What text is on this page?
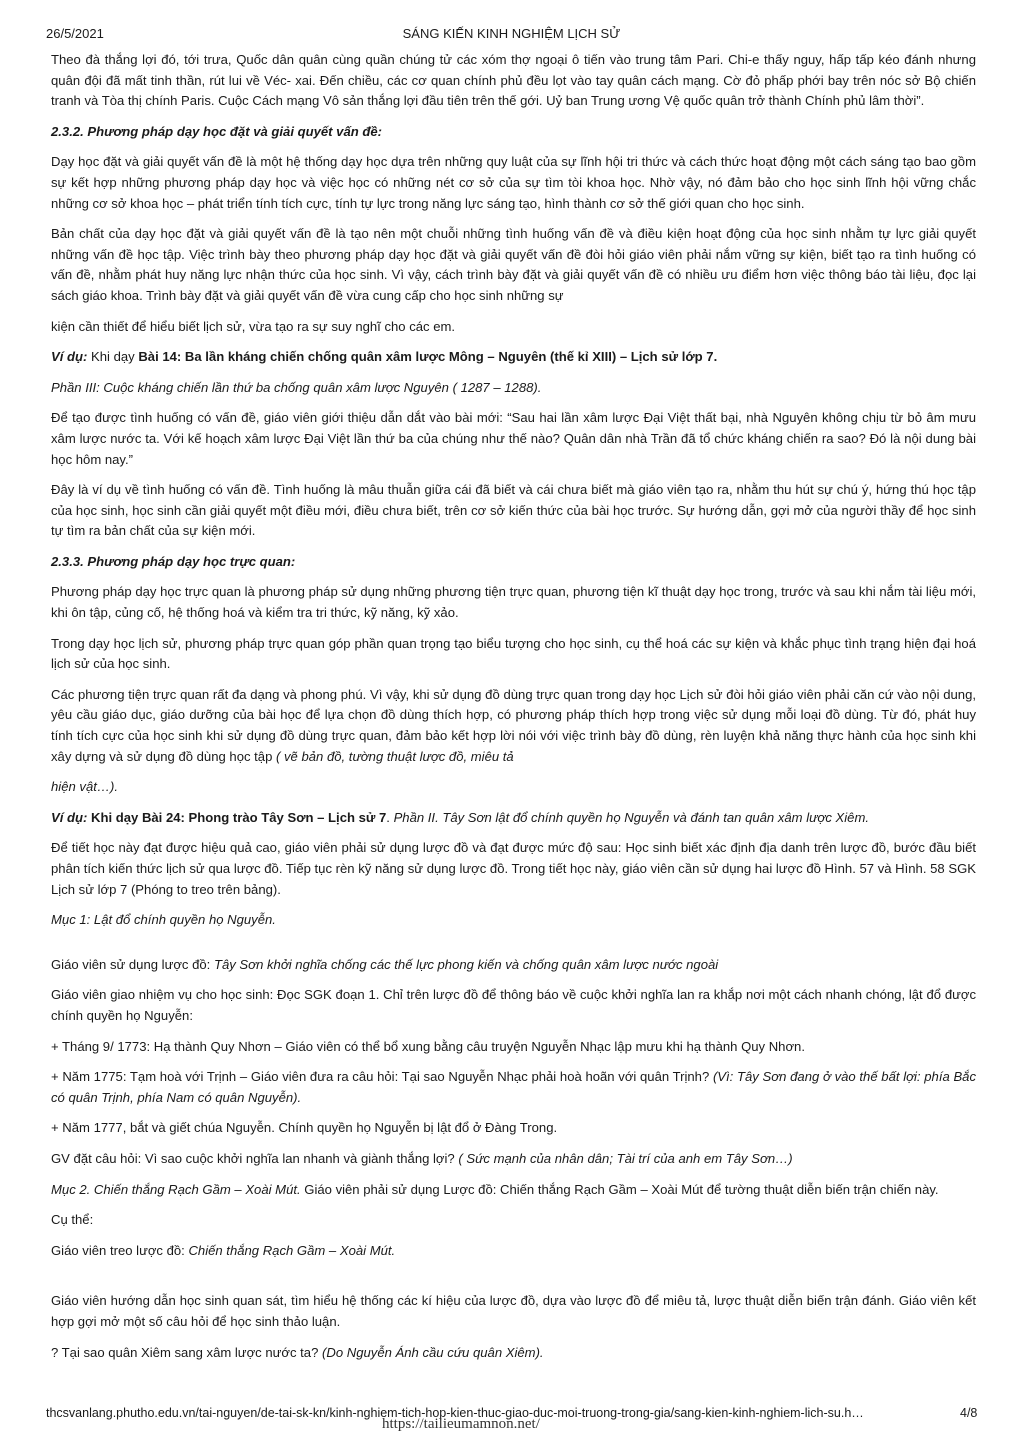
26/5/2021	SÁNG KIẾN KINH NGHIỆM LỊCH SỬ

Theo đà thắng lợi đó, tới trưa, Quốc dân quân cùng quần chúng tử các xóm thợ ngoại ô tiến vào trung tâm Pari. Chi-e thấy nguy, hấp tấp kéo đánh nhưng quân đội đã mất tinh thần, rút lui về Véc- xai. Đến chiều, các cơ quan chính phủ đều lọt vào tay quân cách mạng. Cờ đỏ phấp phới bay trên nóc sở Bộ chiến tranh và Tòa thị chính Paris. Cuộc Cách mạng Vô sản thắng lợi đầu tiên trên thế gới. Uỷ ban Trung ương Vệ quốc quân trở thành Chính phủ lâm thời”.

2.3.2. Phương pháp dạy học đặt và giải quyết vấn đề:

Dạy học đặt và giải quyết vấn đề là một hệ thống dạy học dựa trên những quy luật của sự lĩnh hội tri thức và cách thức hoạt động một cách sáng tạo bao gồm sự kết hợp những phương pháp dạy học và việc học có những nét cơ sở của sự tìm tòi khoa học. Nhờ vậy, nó đảm bảo cho học sinh lĩnh hội vững chắc những cơ sở khoa học – phát triển tính tích cực, tính tự lực trong năng lực sáng tạo, hình thành cơ sở thế giới quan cho học sinh.

Bản chất của dạy học đặt và giải quyết vấn đề là tạo nên một chuỗi những tình huống vấn đề và điều kiện hoạt động của học sinh nhằm tự lực giải quyết những vấn đề học tập. Việc trình bày theo phương pháp dạy học đặt và giải quyết vấn đề đòi hỏi giáo viên phải nắm vững sự kiện, biết tạo ra tình huống có vấn đề, nhằm phát huy năng lực nhận thức của học sinh. Vì vậy, cách trình bày đặt và giải quyết vấn đề có nhiều ưu điểm hơn việc thông báo tài liệu, đọc lại sách giáo khoa. Trình bày đặt và giải quyết vấn đề vừa cung cấp cho học sinh những sự

kiện cần thiết để hiểu biết lịch sử, vừa tạo ra sự suy nghĩ cho các em.

Ví dụ: Khi dạy Bài 14: Ba lần kháng chiến chống quân xâm lược Mông – Nguyên (thế kỉ XIII) – Lịch sử lớp 7.

Phần III: Cuộc kháng chiến lần thứ ba chống quân xâm lược Nguyên ( 1287 – 1288).

Để tạo được tình huống có vấn đề, giáo viên giới thiệu dẫn dắt vào bài mới: “Sau hai lần xâm lược Đại Việt thất bại, nhà Nguyên không chịu từ bỏ âm mưu xâm lược nước ta. Với kế hoạch xâm lược Đại Việt lần thứ ba của chúng như thế nào? Quân dân nhà Trần đã tổ chức kháng chiến ra sao? Đó là nội dung bài học hôm nay.”

Đây là ví dụ về tình huống có vấn đề. Tình huống là mâu thuẫn giữa cái đã biết và cái chưa biết mà giáo viên tạo ra, nhằm thu hút sự chú ý, hứng thú học tập của học sinh, học sinh cần giải quyết một điều mới, điều chưa biết, trên cơ sở kiến thức của bài học trước. Sự hướng dẫn, gợi mở của người thầy để học sinh tự tìm ra bản chất của sự kiện mới.

2.3.3. Phương pháp dạy học trực quan:

Phương pháp dạy học trực quan là phương pháp sử dụng những phương tiện trực quan, phương tiện kĩ thuật dạy học trong, trước và sau khi nắm tài liệu mới, khi ôn tập, củng cố, hệ thống hoá và kiểm tra tri thức, kỹ năng, kỹ xảo.

Trong dạy học lịch sử, phương pháp trực quan góp phần quan trọng tạo biểu tượng cho học sinh, cụ thể hoá các sự kiện và khắc phục tình trạng hiện đại hoá lịch sử của học sinh.

Các phương tiện trực quan rất đa dạng và phong phú. Vì vậy, khi sử dụng đồ dùng trực quan trong dạy học Lịch sử đòi hỏi giáo viên phải căn cứ vào nội dung, yêu cầu giáo dục, giáo dưỡng của bài học để lựa chọn đồ dùng thích hợp, có phương pháp thích hợp trong việc sử dụng mỗi loại đồ dùng. Từ đó, phát huy tính tích cực của học sinh khi sử dụng đồ dùng trực quan, đảm bảo kết hợp lời nói với việc trình bày đồ dùng, rèn luyện khả năng thực hành của học sinh khi xây dựng và sử dụng đồ dùng học tập ( vẽ bản đồ, tường thuật lược đồ, miêu tả

hiện vật…).

Ví dụ: Khi dạy Bài 24: Phong trào Tây Sơn – Lịch sử 7. Phần II. Tây Sơn lật đổ chính quyền họ Nguyễn và đánh tan quân xâm lược Xiêm.

Để tiết học này đạt được hiệu quả cao, giáo viên phải sử dụng lược đồ và đạt được mức độ sau: Học sinh biết xác định địa danh trên lược đồ, bước đầu biết phân tích kiến thức lịch sử qua lược đồ. Tiếp tục rèn kỹ năng sử dụng lược đồ. Trong tiết học này, giáo viên cần sử dụng hai lược đồ Hình. 57 và Hình. 58 SGK Lịch sử lớp 7 (Phóng to treo trên bảng).

Mục 1: Lật đổ chính quyền họ Nguyễn.

Giáo viên sử dụng lược đồ: Tây Sơn khởi nghĩa chống các thế lực phong kiến và chống quân xâm lược nước ngoài

Giáo viên giao nhiệm vụ cho học sinh: Đọc SGK đoạn 1. Chỉ trên lược đồ để thông báo về cuộc khởi nghĩa lan ra khắp nơi một cách nhanh chóng, lật đổ được chính quyền họ Nguyễn:

+ Tháng 9/ 1773: Hạ thành Quy Nhơn – Giáo viên có thể bổ xung bằng câu truyện Nguyễn Nhạc lập mưu khi hạ thành Quy Nhơn.

+ Năm 1775: Tạm hoà với Trịnh – Giáo viên đưa ra câu hỏi: Tại sao Nguyễn Nhạc phải hoà hoãn với quân Trịnh? (Vì: Tây Sơn đang ở vào thế bất lợi: phía Bắc có quân Trịnh, phía Nam có quân Nguyễn).

+ Năm 1777, bắt và giết chúa Nguyễn. Chính quyền họ Nguyễn bị lật đổ ở Đàng Trong.

GV đặt câu hỏi: Vì sao cuộc khởi nghĩa lan nhanh và giành thắng lợi? ( Sức mạnh của nhân dân; Tài trí của anh em Tây Sơn…)

Mục 2. Chiến thắng Rạch Gầm – Xoài Mút. Giáo viên phải sử dụng Lược đồ: Chiến thắng Rạch Gầm – Xoài Mút để tường thuật diễn biến trận chiến này.

Cụ thể:

Giáo viên treo lược đồ: Chiến thắng Rạch Gầm – Xoài Mút.

Giáo viên hướng dẫn học sinh quan sát, tìm hiểu hệ thống các kí hiệu của lược đồ, dựa vào lược đồ để miêu tả, lược thuật diễn biến trận đánh. Giáo viên kết hợp gợi mở một số câu hỏi để học sinh thảo luận.

? Tại sao quân Xiêm sang xâm lược nước ta? (Do Nguyễn Ánh cầu cứu quân Xiêm).

thcsvanlang.phutho.edu.vn/tai-nguyen/de-tai-sk-kn/kinh-nghiem-tich-hop-kien-thuc-giao-duc-moi-truong-trong-gia/sang-kien-kinh-nghiem-lich-su.h…	4/8
https://tailieumamnon.net/
